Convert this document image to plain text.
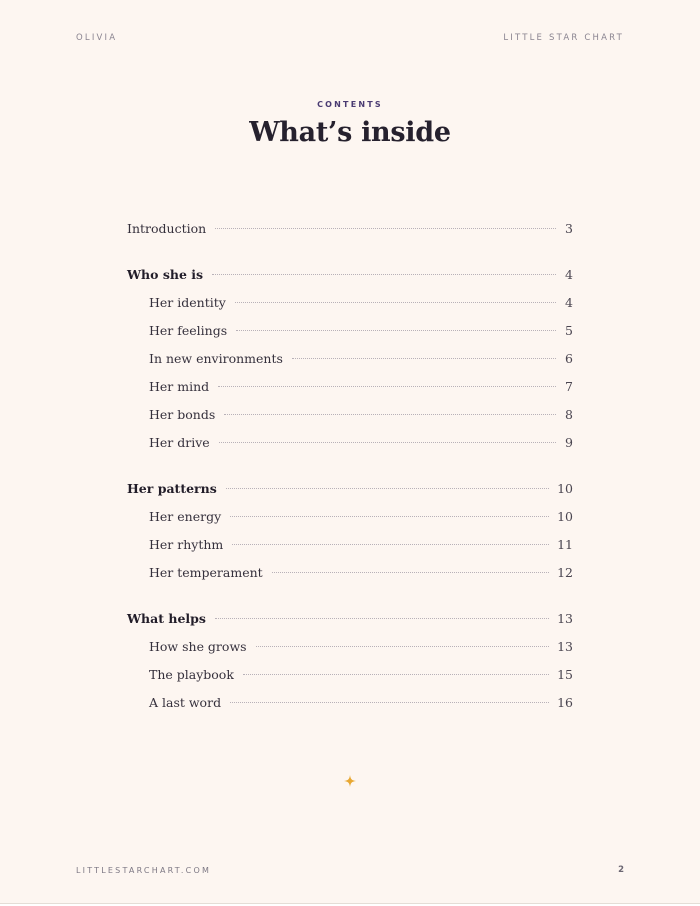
OLIVIA	LITTLE STAR CHART
CONTENTS
What’s inside
Introduction	3
Who she is	4
Her identity	4
Her feelings	5
In new environments	6
Her mind	7
Her bonds	8
Her drive	9
Her patterns	10
Her energy	10
Her rhythm	11
Her temperament	12
What helps	13
How she grows	13
The playbook	15
A last word	16
LITTLESTARCHART.COM	2
